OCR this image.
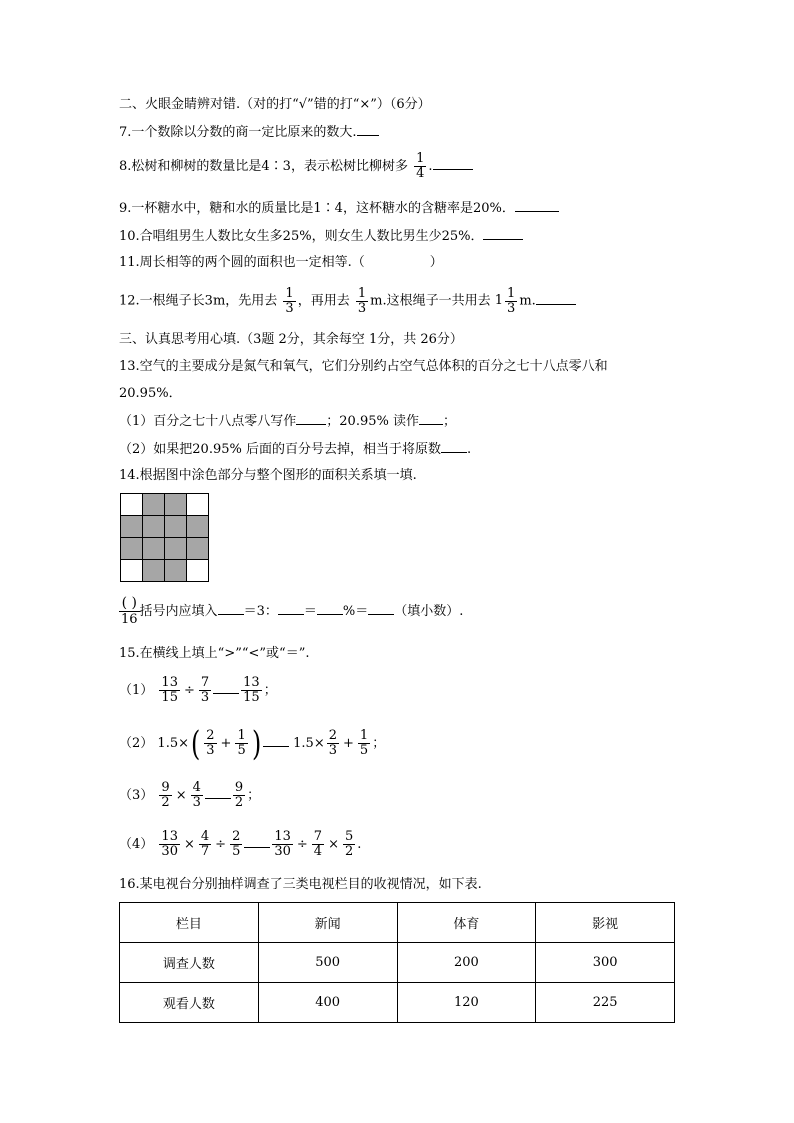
二、火眼金睛辨对错.（对的打“√”错的打“×”）（6分）
7.一个数除以分数的商一定比原来的数大.
8.松树和柳树的数量比是4∶3，表示松树比柳树多 $\frac{1}{4}$ .
9.一杯糖水中，糖和水的质量比是1∶4，这杯糖水的含糖率是20%．
10.合唱组男生人数比女生多25%，则女生人数比男生少25%．
11.周长相等的两个圆的面积也一定相等.（　　　　　）
12.一根绳子长3m，先用去 $\frac{1}{3}$ ，再用去 $\frac{1}{3} m$.这根绳子一共用去 $1 \frac{1}{3} m$.
三、认真思考用心填.（3题 2分，其余每空 1分，共 26分）
13.空气的主要成分是氮气和氧气，它们分别约占空气总体积的百分之七十八点零八和
20.95%．
（1）百分之七十八点零八写作 ；20.95% 读作 ；
（2）如果把20.95% 后面的百分号去掉，相当于将原数 .
14.根据图中涂色部分与整个图形的面积关系填一填.
$\frac{( )}{16}$ 括号内应填入 ＝3： ＝ %＝ （填小数）.
15.在横线上填上“>”“<”或“＝”.
$(1) \frac{13}{15} \div \frac{7}{3} \frac{13}{15}$ ；
（2） $1.5\times( \frac{2}{3} + \frac{1}{5}$ ) $1.5\times \frac{2}{3} + \frac{1}{5}$ ；
$(3) \frac{9}{2} \times \frac{4}{3} \frac{9}{2}$ ；
$(4) \frac{13}{30} \times \frac{4}{7} \div \frac{2}{5} \frac{13}{30} \div \frac{7}{4} \times \frac{5}{2}$ .
16.某电视台分别抽样调查了三类电视栏目的收视情况，如下表.
栏目	新闻	体育	影视
调查人数	500	200	300
观看人数	400	120	225
